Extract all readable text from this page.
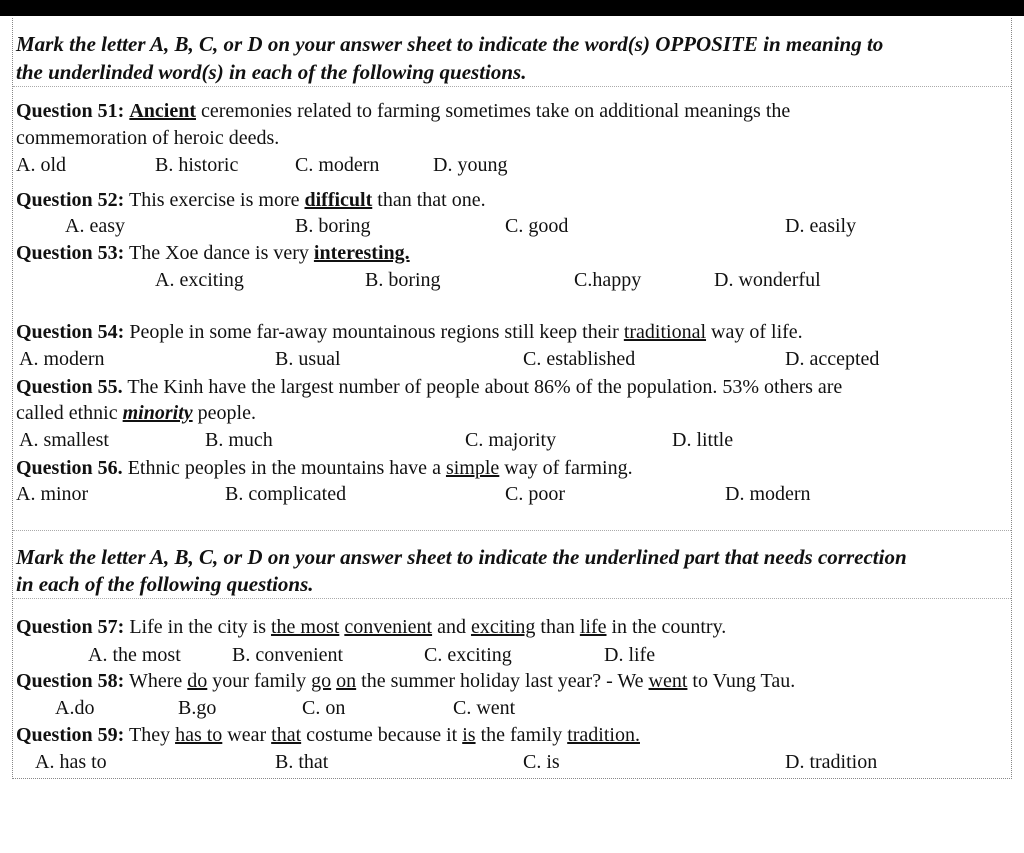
Mark the letter A, B, C, or D on your answer sheet to indicate the word(s) OPPOSITE in meaning to
the underlinded word(s) in each of the following questions.
Question 51: Ancient ceremonies related to farming sometimes take on additional meanings the
commemoration of heroic deeds.
A. old	B. historic	C. modern	D. young
Question 52: This exercise is more difficult than that one.
A. easy	B. boring	C. good	D. easily
Question 53: The Xoe dance is very interesting.
A. exciting	B. boring	C.happy	D. wonderful
Question 54: People in some far-away mountainous regions still keep their traditional way of life.
A. modern	B. usual	C. established	D. accepted
Question 55. The Kinh have the largest number of people about 86% of the population. 53% others are
called ethnic minority people.
A. smallest	B. much	C. majority	D. little
Question 56. Ethnic peoples in the mountains have a simple way of farming.
A. minor	B. complicated	C. poor	D. modern
Mark the letter A, B, C, or D on your answer sheet to indicate the underlined part that needs correction
in each of the following questions.
Question 57: Life in the city is the most convenient and exciting than life in the country.
A. the most	B. convenient	C. exciting	D. life
Question 58: Where do your family go on the summer holiday last year? - We went to Vung Tau.
A.do	B.go	C. on	C. went
Question 59: They has to wear that costume because it is the family tradition.
A. has to	B. that	C. is	D. tradition
